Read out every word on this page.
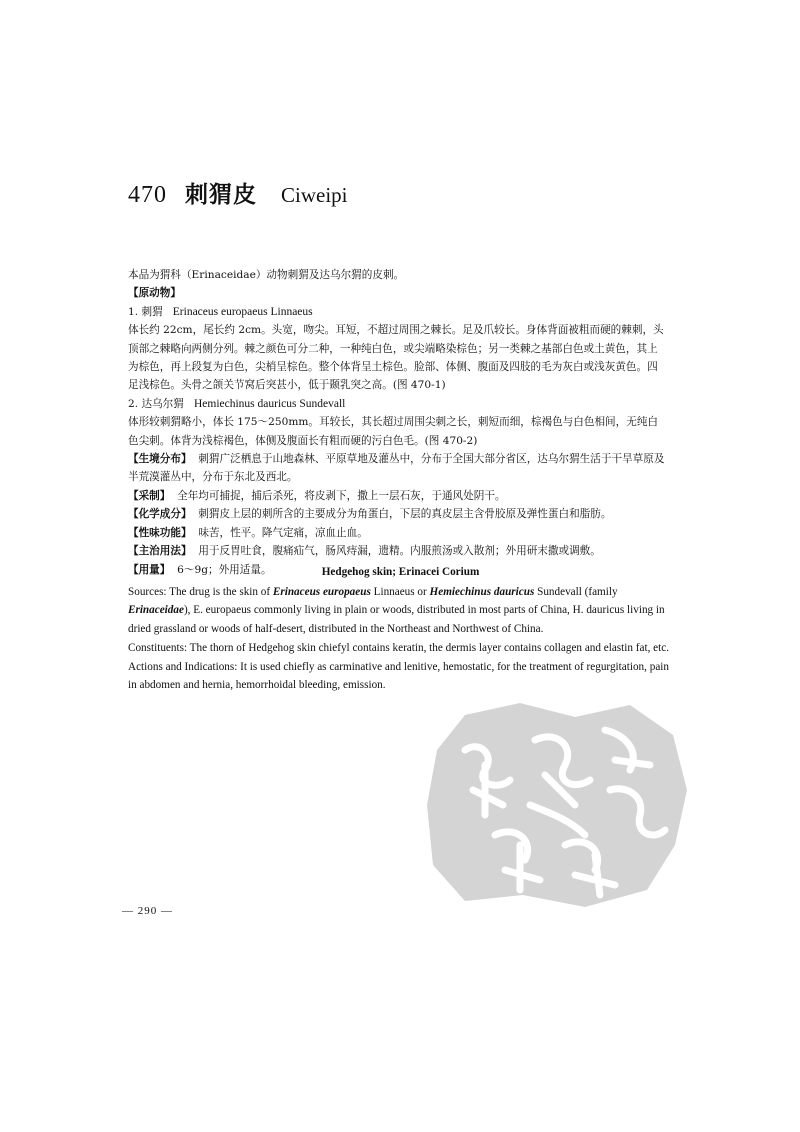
470 刺猬皮 Ciweipi

本品为猬科（Erinaceidae）动物刺猬及达乌尔猬的皮刺。

【原动物】

1. 刺猬 Erinaceus europaeus Linnaeus

体长约 22cm，尾长约 2cm。头宽，吻尖。耳短，不超过周围之棘长。足及爪较长。身体背面被粗而硬的棘刺，头顶部之棘略向两侧分列。棘之颜色可分二种，一种纯白色，或尖端略染棕色；另一类棘之基部白色或土黄色，其上为棕色，再上段复为白色，尖梢呈棕色。整个体背呈土棕色。脸部、体侧、腹面及四肢的毛为灰白或浅灰黄色。四足浅棕色。头骨之颌关节窝后突甚小，低于颞乳突之高。(图 470-1)

2. 达乌尔猬 Hemiechinus dauricus Sundevall

体形较刺猬略小，体长 175～250mm。耳较长，其长超过周围尖刺之长，刺短而细，棕褐色与白色相间，无纯白色尖刺。体背为浅棕褐色，体侧及腹面长有粗而硬的污白色毛。(图 470-2)

【生境分布】 刺猬广泛栖息于山地森林、平原草地及灌丛中，分布于全国大部分省区，达乌尔猬生活于干旱草原及半荒漠灌丛中，分布于东北及西北。

【采制】 全年均可捕捉，捕后杀死，将皮剥下，撒上一层石灰，于通风处阴干。

【化学成分】 刺猬皮上层的刺所含的主要成分为角蛋白，下层的真皮层主含骨胶原及弹性蛋白和脂肪。

【性味功能】 味苦，性平。降气定痛，凉血止血。

【主治用法】 用于反胃吐食，腹痛疝气，肠风痔漏，遗精。内服煎汤或入散剂；外用研末撒或调敷。

【用量】 6～9g；外用适量。	Hedgehog skin; Erinacei Corium

Sources: The drug is the skin of Erinaceus europaeus Linnaeus or Hemiechinus dauricus Sundevall (family Erinaceidae), E. europaeus commonly living in plain or woods, distributed in most parts of China, H. dauricus living in dried grassland or woods of half-desert, distributed in the Northeast and Northwest of China.

Constituents: The thorn of Hedgehog skin chiefyl contains keratin, the dermis layer contains collagen and elastin fat, etc.

Actions and Indications: It is used chiefly as carminative and lenitive, hemostatic, for the treatment of regurgitation, pain in abdomen and hernia, hemorrhoidal bleeding, emission.

— 290 —
